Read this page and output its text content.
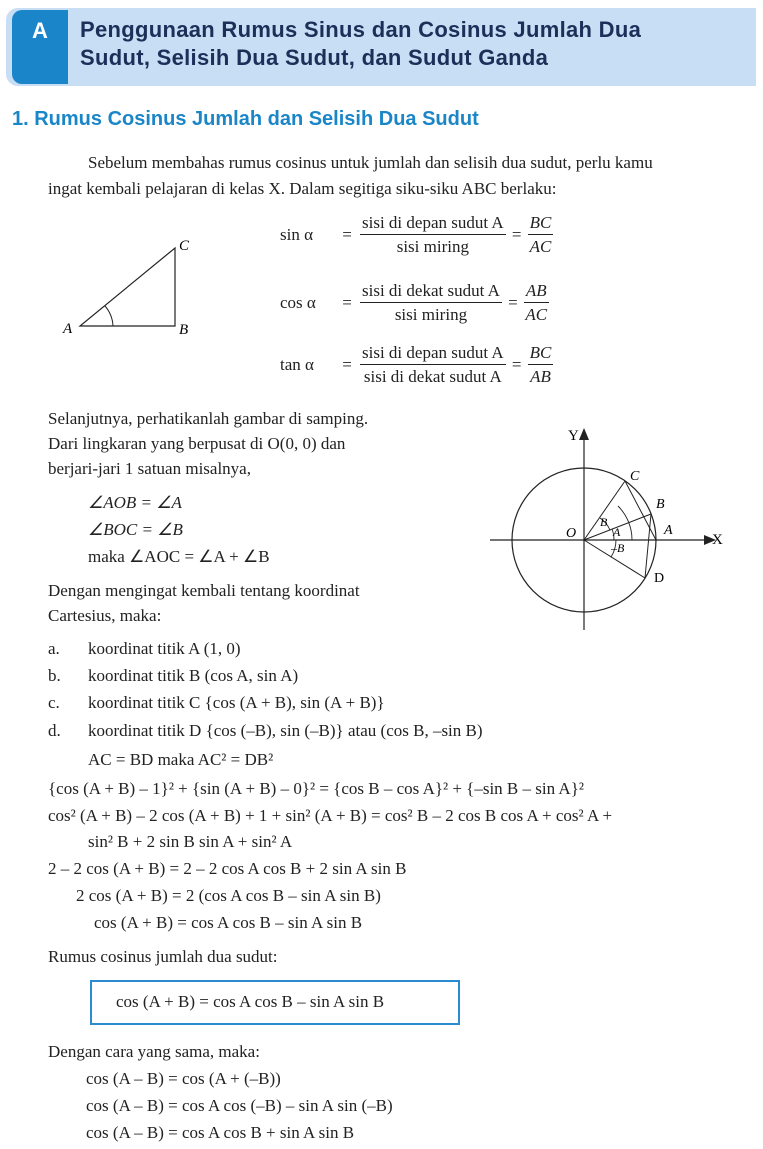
A	Penggunaan Rumus Sinus dan Cosinus Jumlah Dua
Sudut, Selisih Dua Sudut, dan Sudut Ganda
1. Rumus Cosinus Jumlah dan Selisih Dua Sudut
Sebelum membahas rumus cosinus untuk jumlah dan selisih dua sudut, perlu kamu
ingat kembali pelajaran di kelas X. Dalam segitiga siku-siku ABC berlaku:
A	B
C
sin α	= $\frac{\text{sisi di depan sudut A}}{\text{sisi miring}} = \frac{BC}{AC}$
cos α	= $\frac{\text{sisi di dekat sudut A}}{\text{sisi miring}} = \frac{AB}{AC}$
tan α	= $\frac{\text{sisi di depan sudut A}}{\text{sisi di dekat sudut A}} = \frac{BC}{AB}$
Selanjutnya, perhatikanlah gambar di samping.
Dari lingkaran yang berpusat di O(0, 0) dan
berjari-jari 1 satuan misalnya,
∠AOB = ∠A
∠BOC = ∠B
maka ∠AOC = ∠A + ∠B
Dengan mengingat kembali tentang koordinat
Cartesius, maka:
Y
X
O
C
B
A
D
B
A
–B
a. koordinat titik A (1, 0)
b. koordinat titik B (cos A, sin A)
c. koordinat titik C {cos (A + B), sin (A + B)}
d. koordinat titik D {cos (–B), sin (–B)} atau (cos B, –sin B)
AC = BD maka AC² = DB²
{cos (A + B) – 1}² + {sin (A + B) – 0}² = {cos B – cos A}² + {–sin B – sin A}²
cos² (A + B) – 2 cos (A + B) + 1 + sin² (A + B) = cos² B – 2 cos B cos A + cos² A +
sin² B + 2 sin B sin A + sin² A
2 – 2 cos (A + B) = 2 – 2 cos A cos B + 2 sin A sin B
2 cos (A + B) = 2 (cos A cos B – sin A sin B)
cos (A + B) = cos A cos B – sin A sin B
Rumus cosinus jumlah dua sudut:
cos (A + B) = cos A cos B – sin A sin B
Dengan cara yang sama, maka:
cos (A – B) = cos (A + (–B))
cos (A – B) = cos A cos (–B) – sin A sin (–B)
cos (A – B) = cos A cos B + sin A sin B
